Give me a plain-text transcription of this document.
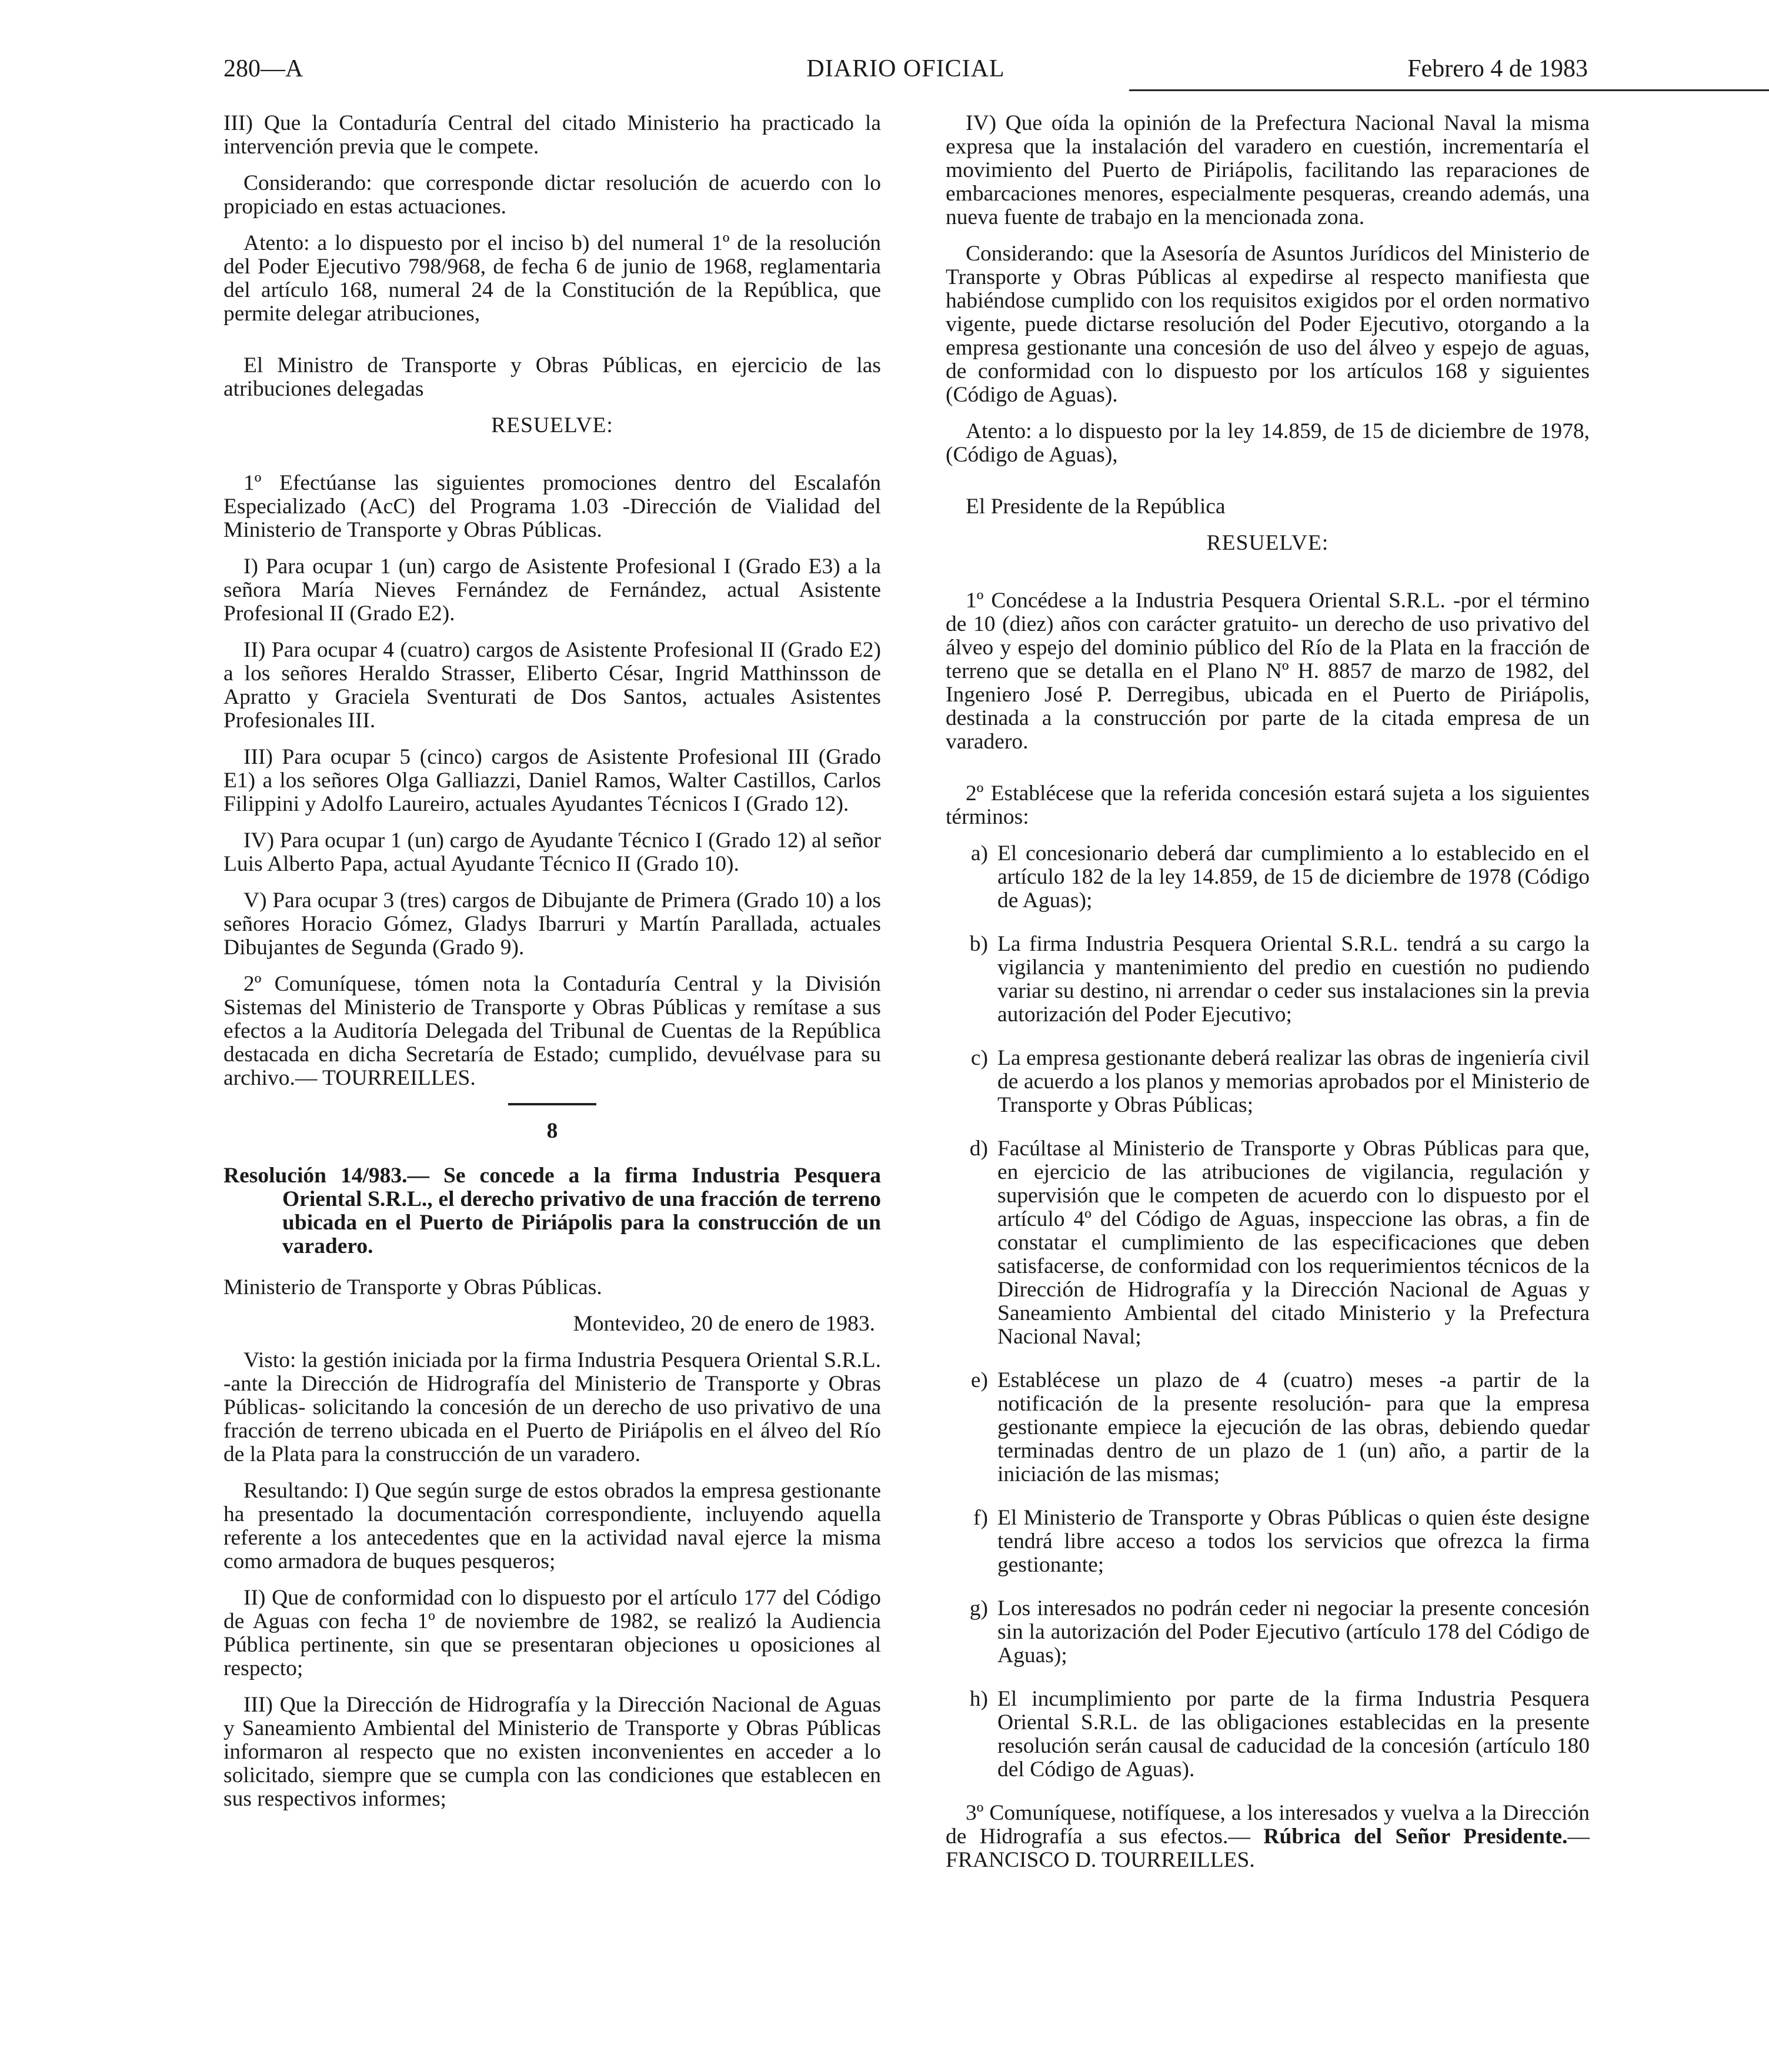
280—A	DIARIO OFICIAL	Febrero 4 de 1983

III) Que la Contaduría Central del citado Ministerio ha practicado la intervención previa que le compete.

Considerando: que corresponde dictar resolución de acuerdo con lo propiciado en estas actuaciones.

Atento: a lo dispuesto por el inciso b) del numeral 1º de la resolución del Poder Ejecutivo 798/968, de fecha 6 de junio de 1968, reglamentaria del artículo 168, numeral 24 de la Constitución de la República, que permite delegar atribuciones,

El Ministro de Transporte y Obras Públicas, en ejercicio de las atribuciones delegadas

RESUELVE:

1º Efectúanse las siguientes promociones dentro del Escalafón Especializado (AcC) del Programa 1.03 -Dirección de Vialidad del Ministerio de Transporte y Obras Públicas.

I) Para ocupar 1 (un) cargo de Asistente Profesional I (Grado E3) a la señora María Nieves Fernández de Fernández, actual Asistente Profesional II (Grado E2).

II) Para ocupar 4 (cuatro) cargos de Asistente Profesional II (Grado E2) a los señores Heraldo Strasser, Eliberto César, Ingrid Matthinsson de Apratto y Graciela Sventurati de Dos Santos, actuales Asistentes Profesionales III.

III) Para ocupar 5 (cinco) cargos de Asistente Profesional III (Grado E1) a los señores Olga Galliazzi, Daniel Ramos, Walter Castillos, Carlos Filippini y Adolfo Laureiro, actuales Ayudantes Técnicos I (Grado 12).

IV) Para ocupar 1 (un) cargo de Ayudante Técnico I (Grado 12) al señor Luis Alberto Papa, actual Ayudante Técnico II (Grado 10).

V) Para ocupar 3 (tres) cargos de Dibujante de Primera (Grado 10) a los señores Horacio Gómez, Gladys Ibarruri y Martín Parallada, actuales Dibujantes de Segunda (Grado 9).

2º Comuníquese, tómen nota la Contaduría Central y la División Sistemas del Ministerio de Transporte y Obras Públicas y remítase a sus efectos a la Auditoría Delegada del Tribunal de Cuentas de la República destacada en dicha Secretaría de Estado; cumplido, devuélvase para su archivo.— TOURREILLES.

8

Resolución 14/983.— Se concede a la firma Industria Pesquera Oriental S.R.L., el derecho privativo de una fracción de terreno ubicada en el Puerto de Piriápolis para la construcción de un varadero.

Ministerio de Transporte y Obras Públicas.

Montevideo, 20 de enero de 1983.

Visto: la gestión iniciada por la firma Industria Pesquera Oriental S.R.L. -ante la Dirección de Hidrografía del Ministerio de Transporte y Obras Públicas- solicitando la concesión de un derecho de uso privativo de una fracción de terreno ubicada en el Puerto de Piriápolis en el álveo del Río de la Plata para la construcción de un varadero.

Resultando: I) Que según surge de estos obrados la empresa gestionante ha presentado la documentación correspondiente, incluyendo aquella referente a los antecedentes que en la actividad naval ejerce la misma como armadora de buques pesqueros;

II) Que de conformidad con lo dispuesto por el artículo 177 del Código de Aguas con fecha 1º de noviembre de 1982, se realizó la Audiencia Pública pertinente, sin que se presentaran objeciones u oposiciones al respecto;

III) Que la Dirección de Hidrografía y la Dirección Nacional de Aguas y Saneamiento Ambiental del Ministerio de Transporte y Obras Públicas informaron al respecto que no existen inconvenientes en acceder a lo solicitado, siempre que se cumpla con las condiciones que establecen en sus respectivos informes;

IV) Que oída la opinión de la Prefectura Nacional Naval la misma expresa que la instalación del varadero en cuestión, incrementaría el movimiento del Puerto de Piriápolis, facilitando las reparaciones de embarcaciones menores, especialmente pesqueras, creando además, una nueva fuente de trabajo en la mencionada zona.

Considerando: que la Asesoría de Asuntos Jurídicos del Ministerio de Transporte y Obras Públicas al expedirse al respecto manifiesta que habiéndose cumplido con los requisitos exigidos por el orden normativo vigente, puede dictarse resolución del Poder Ejecutivo, otorgando a la empresa gestionante una concesión de uso del álveo y espejo de aguas, de conformidad con lo dispuesto por los artículos 168 y siguientes (Código de Aguas).

Atento: a lo dispuesto por la ley 14.859, de 15 de diciembre de 1978, (Código de Aguas),

El Presidente de la República

RESUELVE:

1º Concédese a la Industria Pesquera Oriental S.R.L. -por el término de 10 (diez) años con carácter gratuito- un derecho de uso privativo del álveo y espejo del dominio público del Río de la Plata en la fracción de terreno que se detalla en el Plano Nº H. 8857 de marzo de 1982, del Ingeniero José P. Derregibus, ubicada en el Puerto de Piriápolis, destinada a la construcción por parte de la citada empresa de un varadero.

2º Establécese que la referida concesión estará sujeta a los siguientes términos:

a) El concesionario deberá dar cumplimiento a lo establecido en el artículo 182 de la ley 14.859, de 15 de diciembre de 1978 (Código de Aguas);
b) La firma Industria Pesquera Oriental S.R.L. tendrá a su cargo la vigilancia y mantenimiento del predio en cuestión no pudiendo variar su destino, ni arrendar o ceder sus instalaciones sin la previa autorización del Poder Ejecutivo;
c) La empresa gestionante deberá realizar las obras de ingeniería civil de acuerdo a los planos y memorias aprobados por el Ministerio de Transporte y Obras Públicas;
d) Facúltase al Ministerio de Transporte y Obras Públicas para que, en ejercicio de las atribuciones de vigilancia, regulación y supervisión que le competen de acuerdo con lo dispuesto por el artículo 4º del Código de Aguas, inspeccione las obras, a fin de constatar el cumplimiento de las especificaciones que deben satisfacerse, de conformidad con los requerimientos técnicos de la Dirección de Hidrografía y la Dirección Nacional de Aguas y Saneamiento Ambiental del citado Ministerio y la Prefectura Nacional Naval;
e) Establécese un plazo de 4 (cuatro) meses -a partir de la notificación de la presente resolución- para que la empresa gestionante empiece la ejecución de las obras, debiendo quedar terminadas dentro de un plazo de 1 (un) año, a partir de la iniciación de las mismas;
f) El Ministerio de Transporte y Obras Públicas o quien éste designe tendrá libre acceso a todos los servicios que ofrezca la firma gestionante;
g) Los interesados no podrán ceder ni negociar la presente concesión sin la autorización del Poder Ejecutivo (artículo 178 del Código de Aguas);
h) El incumplimiento por parte de la firma Industria Pesquera Oriental S.R.L. de las obligaciones establecidas en la presente resolución serán causal de caducidad de la concesión (artículo 180 del Código de Aguas).

3º Comuníquese, notifíquese, a los interesados y vuelva a la Dirección de Hidrografía a sus efectos.— Rúbrica del Señor Presidente.— FRANCISCO D. TOURREILLES.
